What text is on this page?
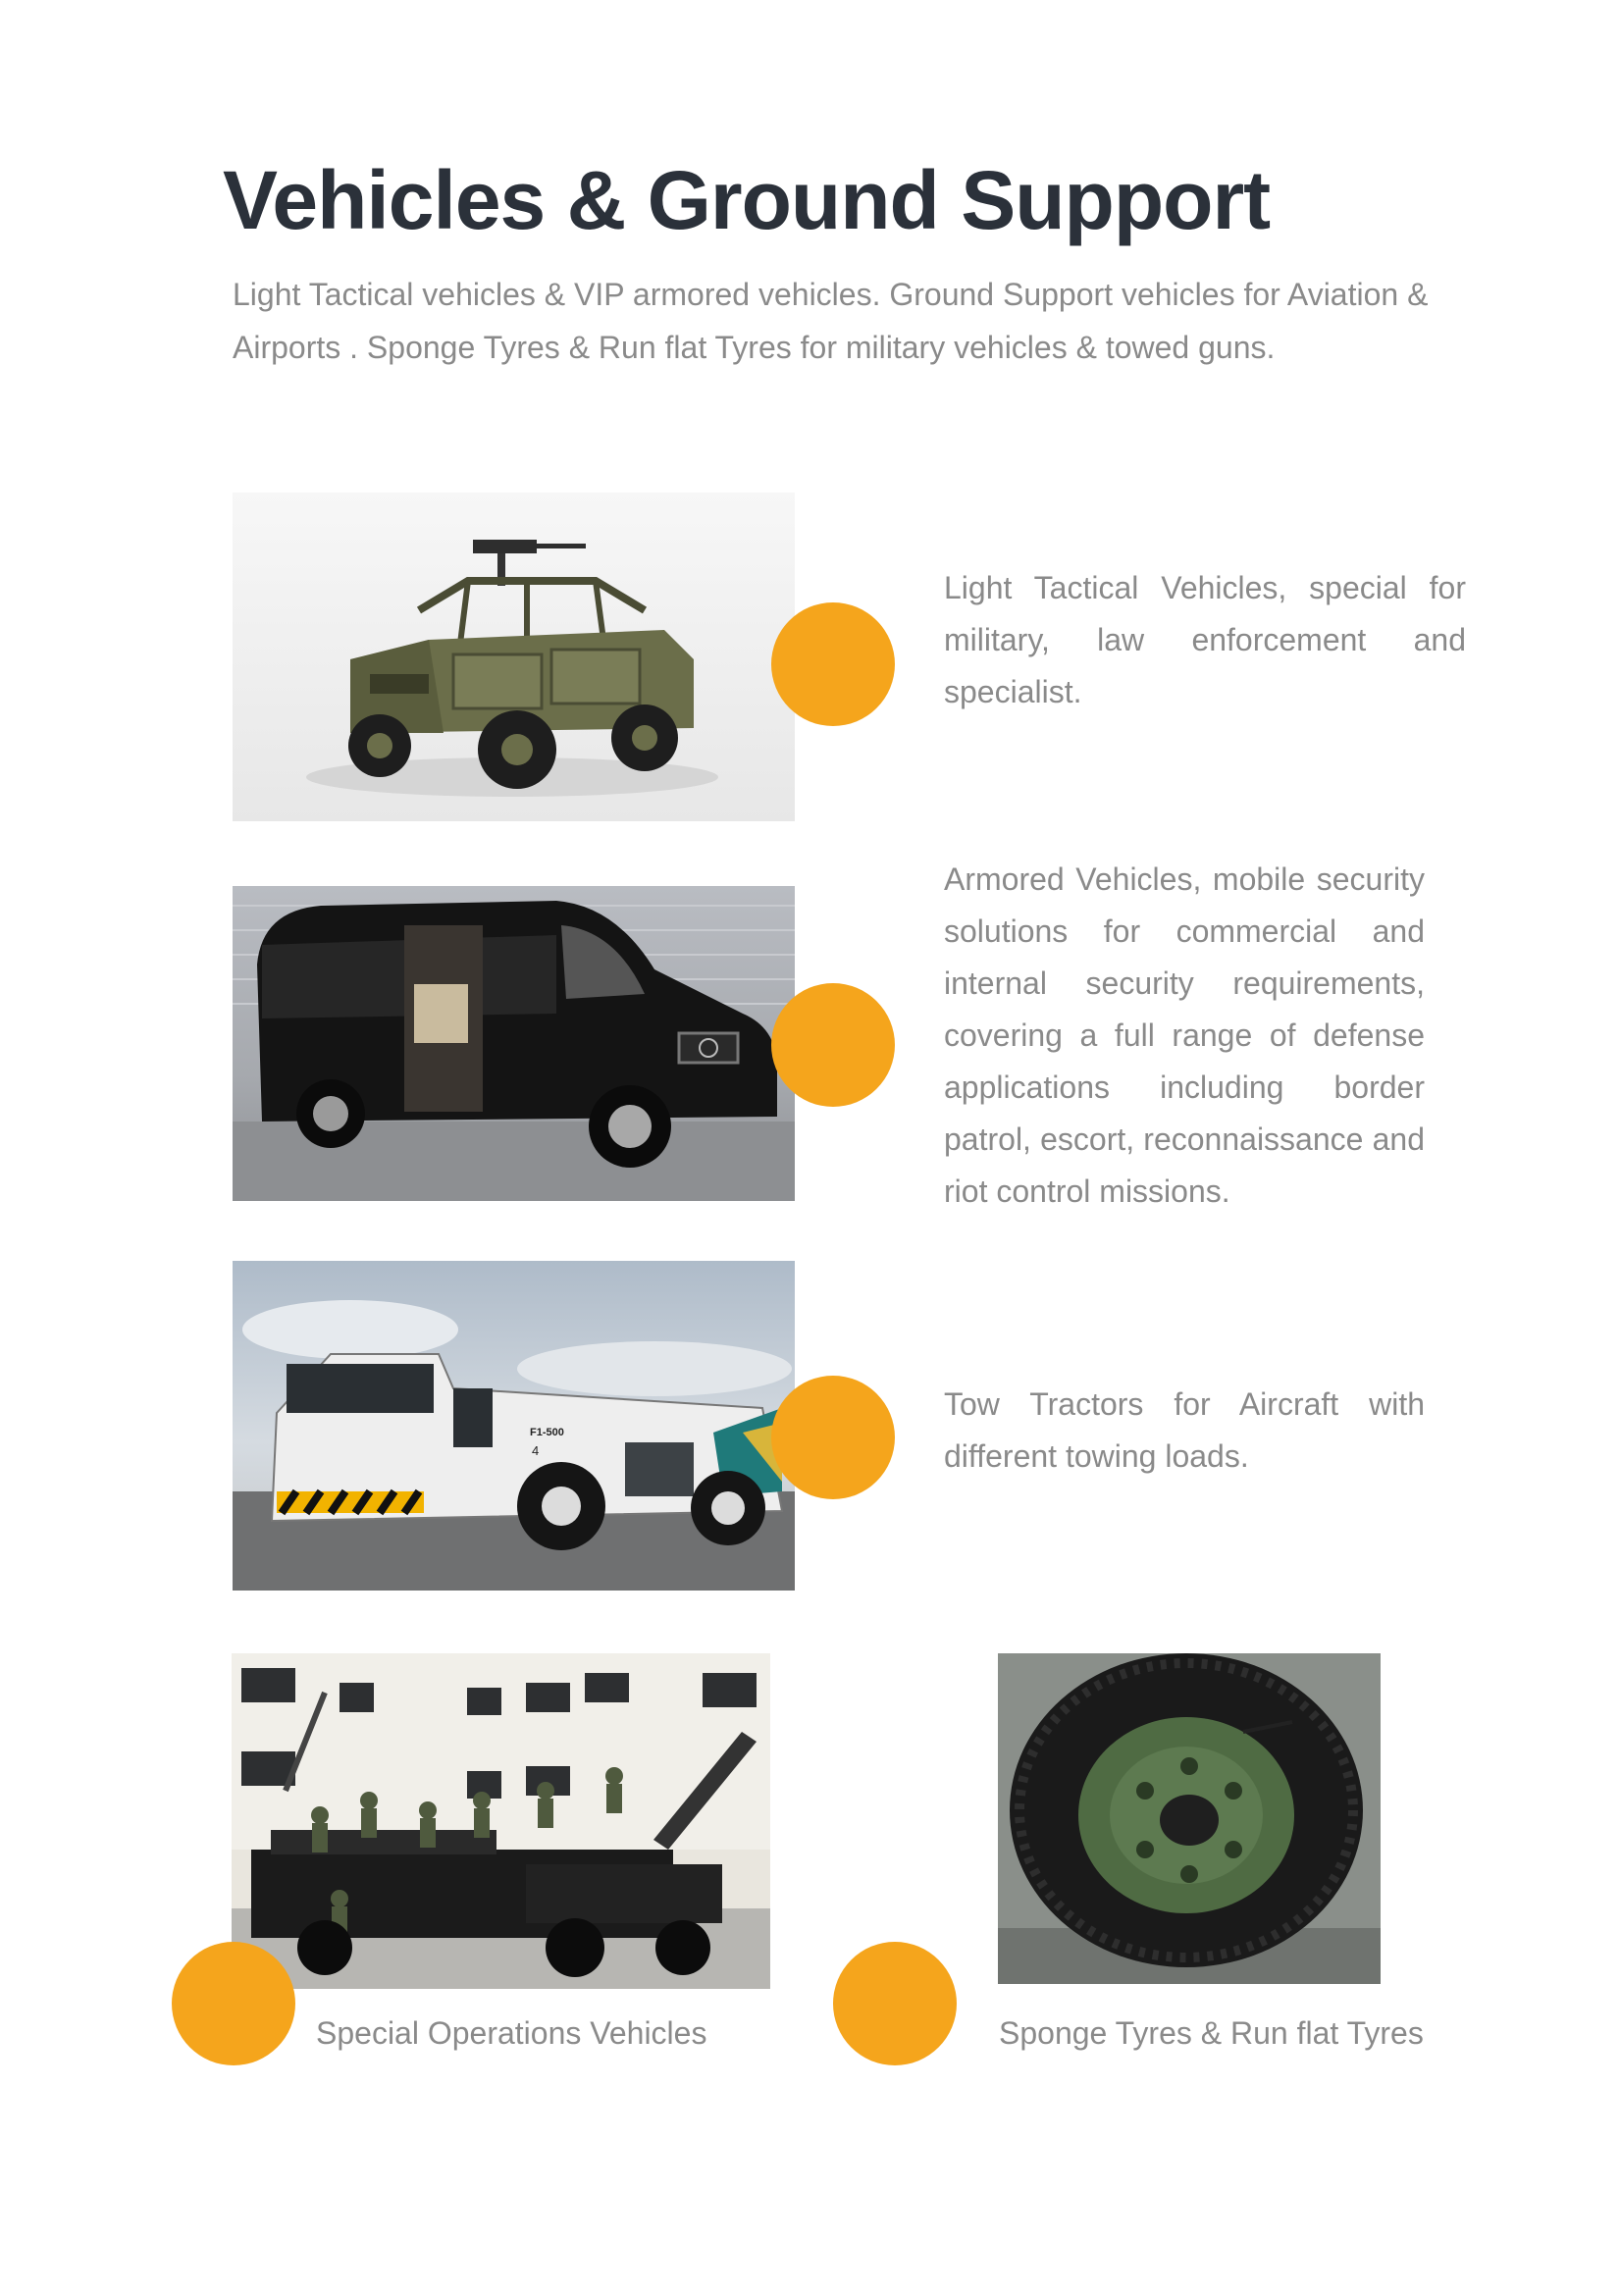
Vehicles & Ground Support

Light Tactical vehicles & VIP armored vehicles. Ground Support vehicles for Aviation & Airports . Sponge Tyres & Run flat Tyres for military vehicles & towed guns.

Light Tactical Vehicles, special for military, law enforcement and specialist.

Armored Vehicles, mobile security solutions for commercial and internal security requirements, covering a full range of defense applications including border patrol, escort, reconnaissance and riot control missions.

F1-500
4

Tow Tractors for Aircraft with different towing loads.

Special Operations Vehicles	Sponge Tyres & Run flat Tyres
